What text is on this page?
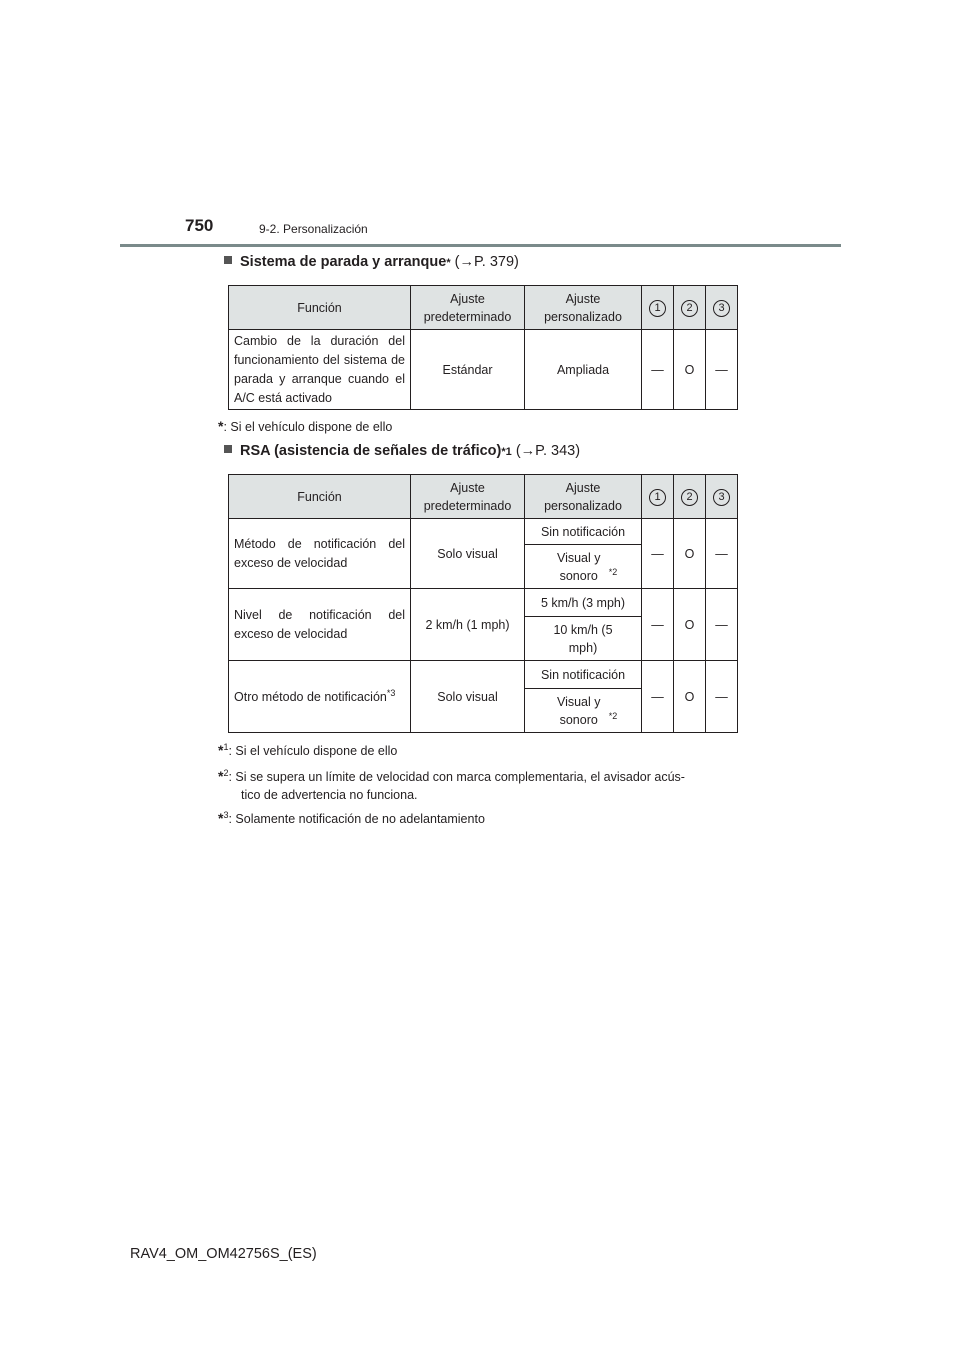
750	9-2. Personalización
Sistema de parada y arranque *
(→P. 379)
Función	Ajuste predeterminado	Ajuste personalizado	1	2	3
Cambio de la duración del funcionamiento del sistema de parada y arranque cuando el A/C está activado	Estándar	Ampliada	—	O	—
*: Si el vehículo dispone de ello
RSA (asistencia de señales de tráfico) *1
(→P. 343)
Función	Ajuste predeterminado	Ajuste personalizado	1	2	3
Método de notificación del exceso de velocidad	Solo visual	Sin notificación	—	O	—
		Visual y sonoro $^{*2}$
Nivel de notificación del exceso de velocidad	2 km/h (1 mph)	5 km/h (3 mph)	—	O	—
		10 km/h (5 mph)			
Otro método de notificación$^{*3}$	Solo visual	Sin notificación	—	O	—
		Visual y sonoro $^{*2}$
*$^1$: Si el vehículo dispone de ello
*$^2$: Si se supera un límite de velocidad con marca complementaria, el avisador acús-
tico de advertencia no funciona.
*$^3$: Solamente notificación de no adelantamiento
RAV4_OM_OM42756S_(ES)
